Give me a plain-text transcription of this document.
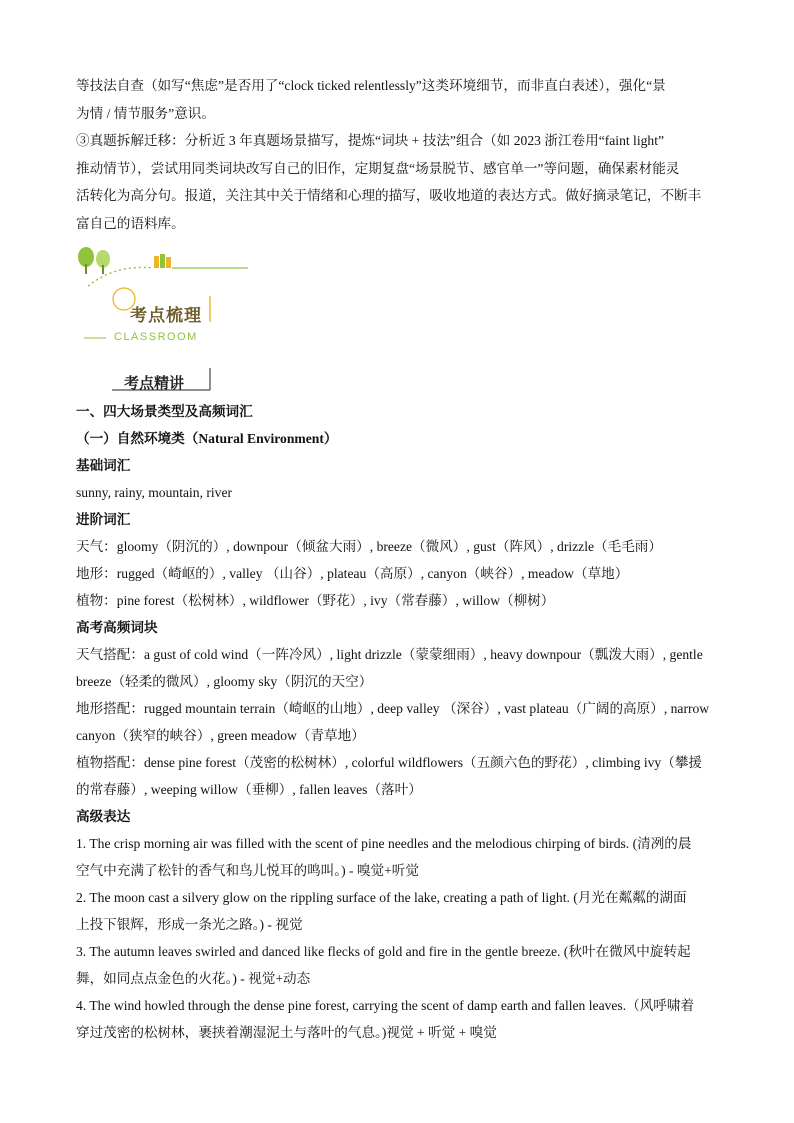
等技法自查（如写“焦虑”是否用了“clock ticked relentlessly”这类环境细节，而非直白表述），强化“景

为情 / 情节服务”意识。

③真题拆解迁移：分析近 3 年真题场景描写，提炼“词块 + 技法”组合（如 2023 浙江卷用“faint light”

推动情节），尝试用同类词块改写自己的旧作，定期复盘“场景脱节、感官单一”等问题，确保素材能灵

活转化为高分句。报道，关注其中关于情绪和心理的描写，吸收地道的表达方式。做好摘录笔记，不断丰

富自己的语料库。

考点梳理
CLASSROOM
考点精讲

一、四大场景类型及高频词汇

（一）自然环境类（Natural Environment）

基础词汇

sunny, rainy, mountain, river

进阶词汇

天气：gloomy（阴沉的）, downpour（倾盆大雨）, breeze（微风）, gust（阵风）, drizzle（毛毛雨）

地形：rugged（崎岖的）, valley （山谷）, plateau（高原）, canyon（峡谷）, meadow（草地）

植物：pine forest（松树林）, wildflower（野花）, ivy（常春藤）, willow（柳树）

高考高频词块

天气搭配：a gust of cold wind（一阵冷风）, light drizzle（蒙蒙细雨）, heavy downpour（瓢泼大雨）, gentle

breeze（轻柔的微风）, gloomy sky（阴沉的天空）

地形搭配：rugged mountain terrain（崎岖的山地）, deep valley （深谷）, vast plateau（广阔的高原）, narrow

canyon（狭窄的峡谷）, green meadow（青草地）

植物搭配：dense pine forest（茂密的松树林）, colorful wildflowers（五颜六色的野花）, climbing ivy（攀援

的常春藤）, weeping willow（垂柳）, fallen leaves（落叶）

高级表达

1. The crisp morning air was filled with the scent of pine needles and the melodious chirping of birds. (清冽的晨

空气中充满了松针的香气和鸟儿悦耳的鸣叫。) - 嗅觉+听觉

2. The moon cast a silvery glow on the rippling surface of the lake, creating a path of light. (月光在粼粼的湖面

上投下银辉，形成一条光之路。) - 视觉

3. The autumn leaves swirled and danced like flecks of gold and fire in the gentle breeze. (秋叶在微风中旋转起

舞，如同点点金色的火花。) - 视觉+动态

4. The wind howled through the dense pine forest, carrying the scent of damp earth and fallen leaves.（风呼啸着

穿过茂密的松树林，裹挟着潮湿泥土与落叶的气息。)视觉 + 听觉 + 嗅觉
